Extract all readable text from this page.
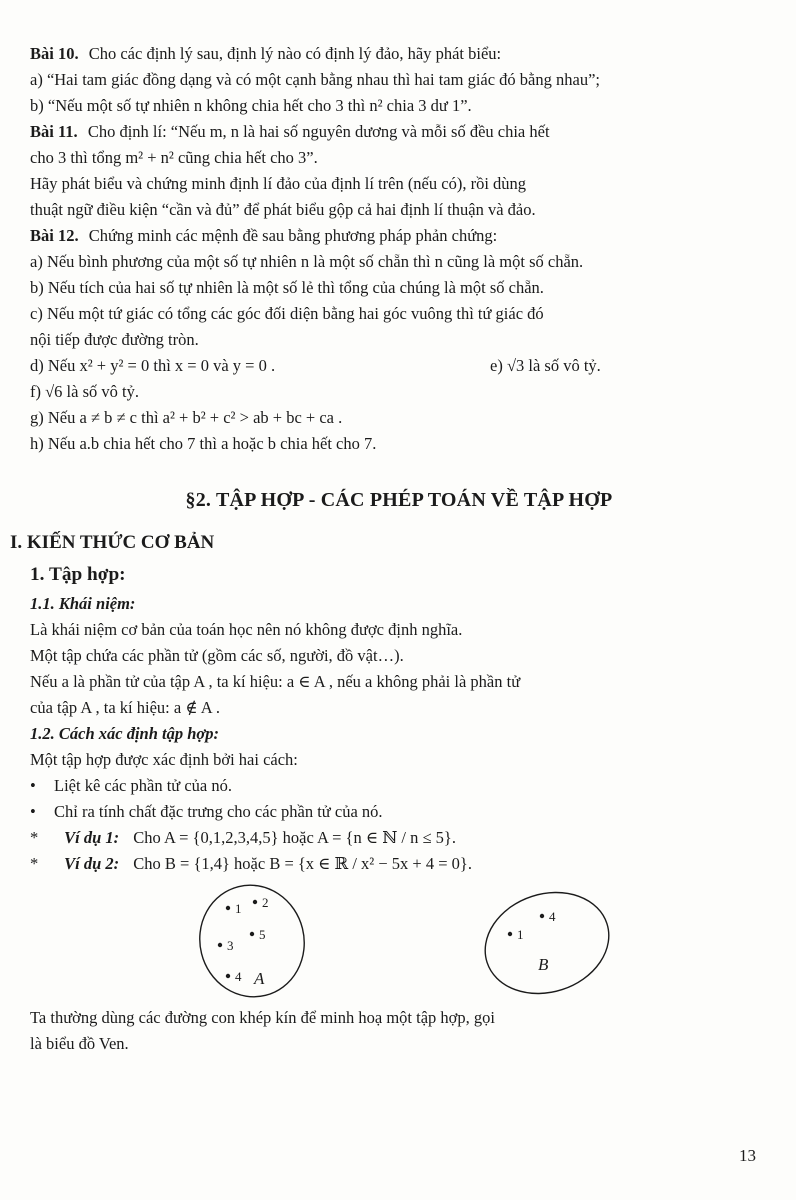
Bài 10. Cho các định lý sau, định lý nào có định lý đảo, hãy phát biểu:

a) “Hai tam giác đồng dạng và có một cạnh bằng nhau thì hai tam giác đó bằng nhau”;

b) “Nếu một số tự nhiên n không chia hết cho 3 thì n² chia 3 dư 1”.

Bài 11. Cho định lí: “Nếu m, n là hai số nguyên dương và mỗi số đều chia hết

cho 3 thì tổng m² + n² cũng chia hết cho 3”.

Hãy phát biểu và chứng minh định lí đảo của định lí trên (nếu có), rồi dùng

thuật ngữ điều kiện “cần và đủ” để phát biểu gộp cả hai định lí thuận và đảo.

Bài 12. Chứng minh các mệnh đề sau bằng phương pháp phản chứng:

a) Nếu bình phương của một số tự nhiên n là một số chẵn thì n cũng là một số chẵn.

b) Nếu tích của hai số tự nhiên là một số lẻ thì tổng của chúng là một số chẵn.

c) Nếu một tứ giác có tổng các góc đối diện bằng hai góc vuông thì tứ giác đó

nội tiếp được đường tròn.

d) Nếu x² + y² = 0 thì x = 0 và y = 0 .	e) √3 là số vô tỷ.

f) √6 là số vô tỷ.

g) Nếu a ≠ b ≠ c thì a² + b² + c² > ab + bc + ca .

h) Nếu a.b chia hết cho 7 thì a hoặc b chia hết cho 7.

§2. TẬP HỢP - CÁC PHÉP TOÁN VỀ TẬP HỢP
I. KIẾN THỨC CƠ BẢN
1. Tập hợp:

1.1. Khái niệm:

Là khái niệm cơ bản của toán học nên nó không được định nghĩa.

Một tập chứa các phần tử (gồm các số, người, đồ vật…).

Nếu a là phần tử của tập A , ta kí hiệu: a ∈ A , nếu a không phải là phần tử

của tập A , ta kí hiệu: a ∉ A .

1.2. Cách xác định tập hợp:

Một tập hợp được xác định bởi hai cách:

•	Liệt kê các phần tử của nó.

•	Chỉ ra tính chất đặc trưng cho các phần tử của nó.

* Ví dụ 1: Cho A = {0,1,2,3,4,5} hoặc A = {n ∈ ℕ / n ≤ 5}.

* Ví dụ 2: Cho B = {1,4} hoặc B = {x ∈ ℝ / x² − 5x + 4 = 0}.

2
1
5
3
4 A
4
1
B

Ta thường dùng các đường con khép kín để minh hoạ một tập hợp, gọi

là biểu đồ Ven.

13
